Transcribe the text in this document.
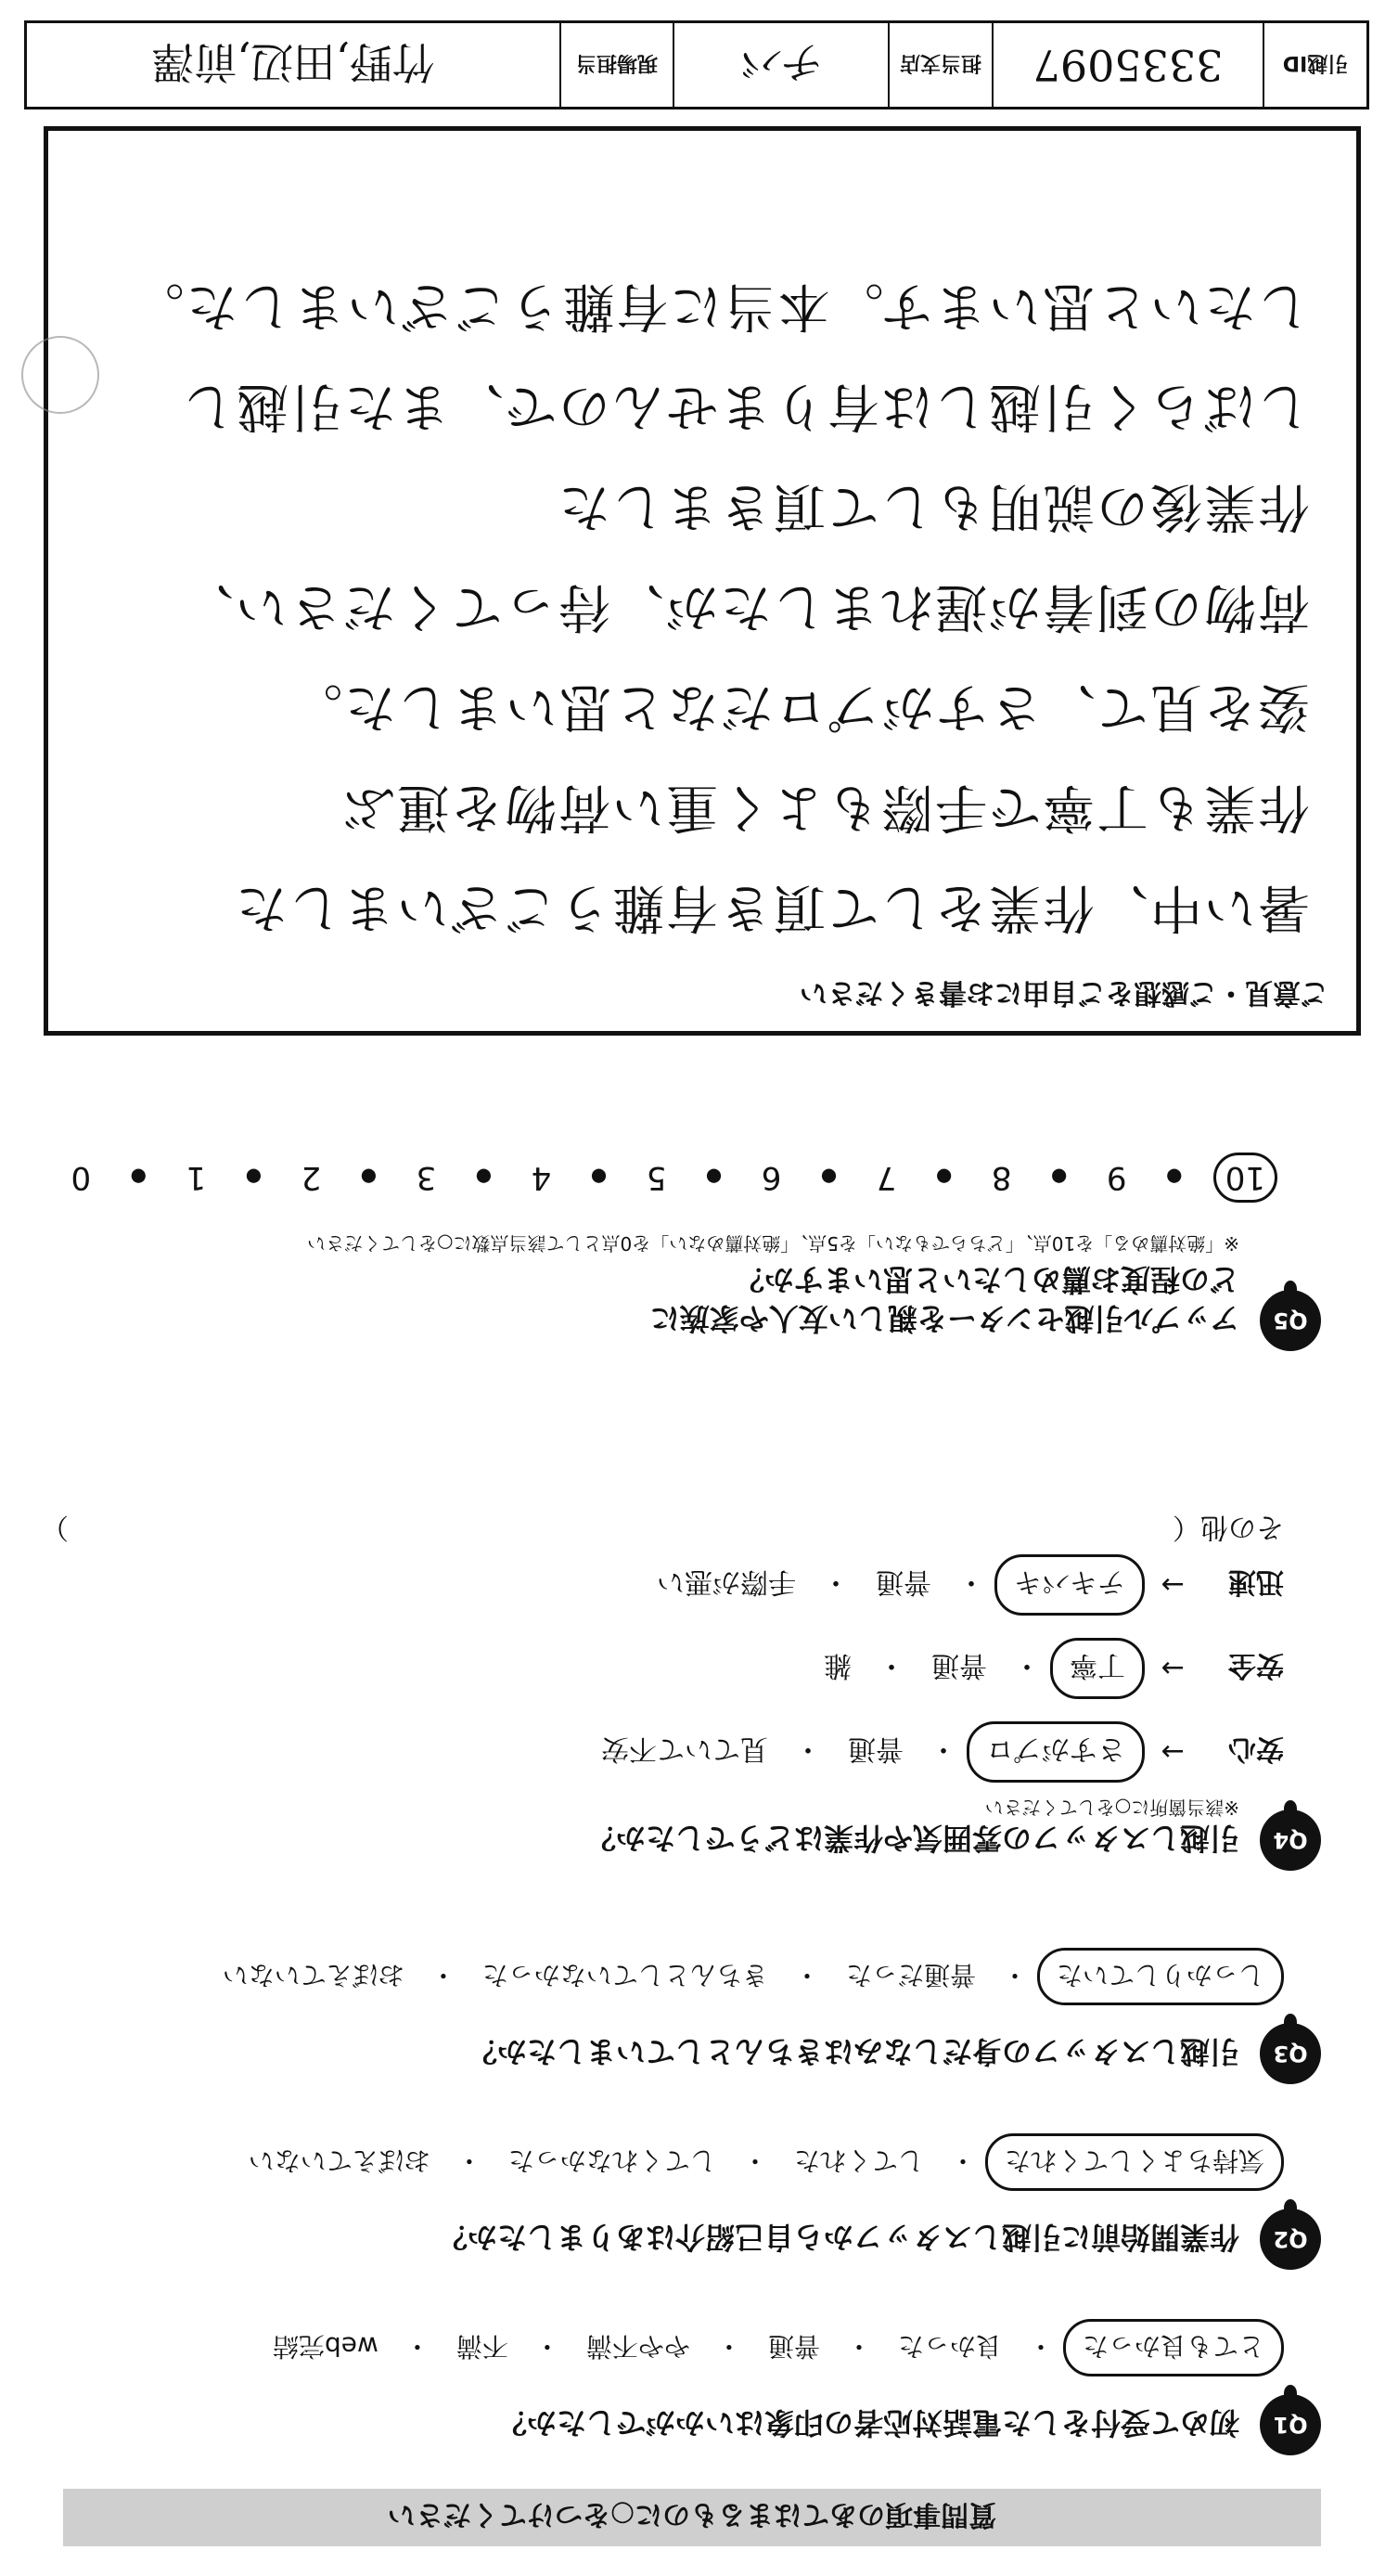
引越ID
3335097
担当支店
チバ
現場担当
竹野,田辺,前澤
質問事項のあてはまるものに○をつけてください
Q1
初めて受付をした電話対応者の印象はいかがでしたか？
とても良かった
・
良かった
・
普通
・
やや不満
・
不満
・
web完結
Q2
作業開始前に引越しスタッフから自己紹介はありましたか？
気持ちよくしてくれた
・
してくれた
・
してくれなかった
・
おぼえていない
Q3
引越しスタッフの身だしなみはきちんとしていましたか？
しっかりしていた
・
普通だった
・
きちんとしていなかった
・
おぼえていない
Q4
引越しスタッフの雰囲気や作業はどうでしたか？
※該当箇所に○をしてください
安心
→
さすがプロ
・
普通
・
見ていて不安
安全
→
丁寧
・
普通
・
雑
迅速
→
テキパキ
・
普通
・
手際が悪い
その他（
）
Q5
アップル引越センターを親しい友人や家族に
どの程度お薦めしたいと思いますか？
※「絶対薦める」を10点、「どちらでもない」を5点、「絶対薦めない」を0点として該当点数に○をしてください
10
●
9
●
8
●
7
●
6
●
5
●
4
●
3
●
2
●
1
●
0
ご意見・ご感想をご自由にお書きください
暑い中、作業をして頂き有難うございました
作業も丁寧で手際もよく重い荷物を運ぶ
姿を見て、さすがプロだなと思いました。
荷物の到着が遅れましたが、待ってください、
作業後の説明もして頂きました
しばらく引越しは有りませんので、また引越し
したいと思います。本当に有難うございました。
